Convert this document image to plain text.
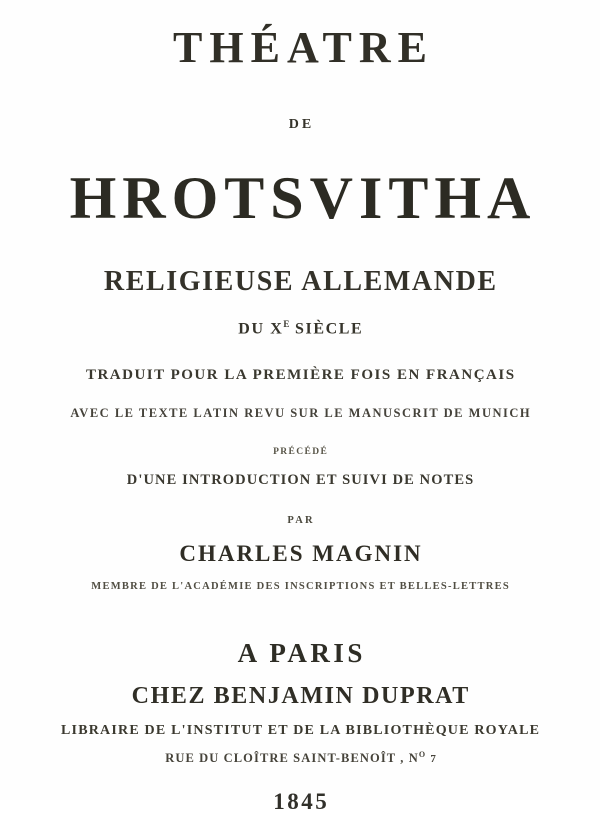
THÉATRE
DE
HROTSVITHA
RELIGIEUSE ALLEMANDE
DU $X^E$ SIÈCLE
TRADUIT POUR LA PREMIÈRE FOIS EN FRANÇAIS
AVEC LE TEXTE LATIN REVU SUR LE MANUSCRIT DE MUNICH
PRÉCÉDÉ
D'UNE INTRODUCTION ET SUIVI DE NOTES
PAR
CHARLES MAGNIN
MEMBRE DE L'ACADÉMIE DES INSCRIPTIONS ET BELLES-LETTRES
A PARIS
CHEZ BENJAMIN DUPRAT
LIBRAIRE DE L'INSTITUT ET DE LA BIBLIOTHÈQUE ROYALE
RUE DU CLOÎTRE SAINT-BENOÎT , $N^O$ 7
1845
